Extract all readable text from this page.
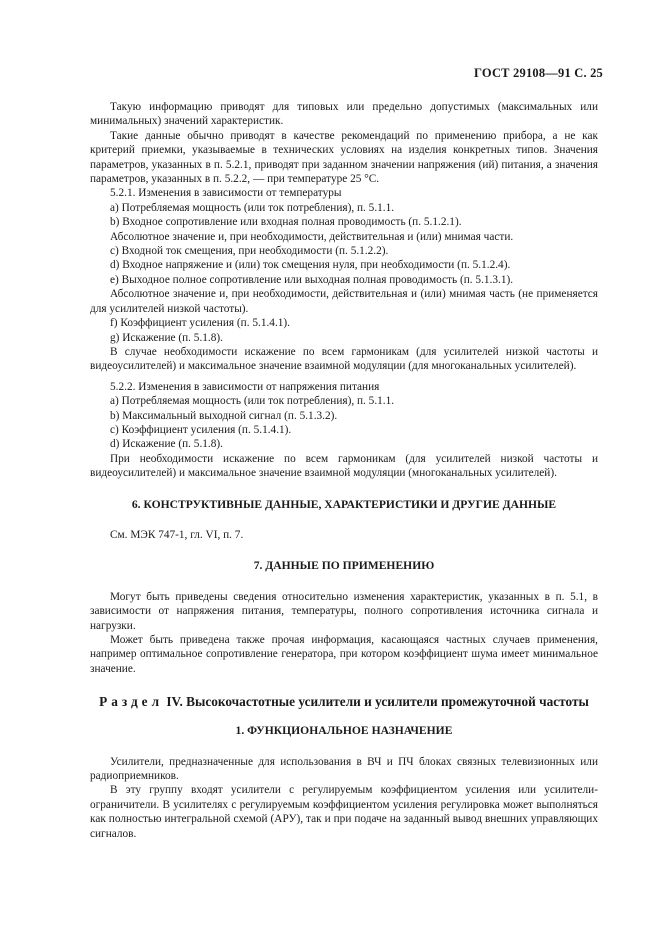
ГОСТ 29108—91 С. 25

Такую информацию приводят для типовых или предельно допустимых (максимальных или минимальных) значений характеристик.

Такие данные обычно приводят в качестве рекомендаций по применению прибора, а не как критерий приемки, указываемые в технических условиях на изделия конкретных типов. Значения параметров, указанных в п. 5.2.1, приводят при заданном значении напряжения (ий) питания, а значения параметров, указанных в п. 5.2.2, — при температуре 25 °С.

5.2.1. Изменения в зависимости от температуры

а) Потребляемая мощность (или ток потребления), п. 5.1.1.

b) Входное сопротивление или входная полная проводимость (п. 5.1.2.1).

Абсолютное значение и, при необходимости, действительная и (или) мнимая части.

с) Входной ток смещения, при необходимости (п. 5.1.2.2).

d) Входное напряжение и (или) ток смещения нуля, при необходимости (п. 5.1.2.4).

е) Выходное полное сопротивление или выходная полная проводимость (п. 5.1.3.1).

Абсолютное значение и, при необходимости, действительная и (или) мнимая часть (не применяется для усилителей низкой частоты).

f) Коэффициент усиления (п. 5.1.4.1).

g) Искажение (п. 5.1.8).

В случае необходимости искажение по всем гармоникам (для усилителей низкой частоты и видеоусилителей) и максимальное значение взаимной модуляции (для многоканальных усилителей).

5.2.2. Изменения в зависимости от напряжения питания

а) Потребляемая мощность (или ток потребления), п. 5.1.1.

b) Максимальный выходной сигнал (п. 5.1.3.2).

с) Коэффициент усиления (п. 5.1.4.1).

d) Искажение (п. 5.1.8).

При необходимости искажение по всем гармоникам (для усилителей низкой частоты и видеоусилителей) и максимальное значение взаимной модуляции (многоканальных усилителей).

6. КОНСТРУКТИВНЫЕ ДАННЫЕ, ХАРАКТЕРИСТИКИ И ДРУГИЕ ДАННЫЕ

См. МЭК 747-1, гл. VI, п. 7.

7. ДАННЫЕ ПО ПРИМЕНЕНИЮ

Могут быть приведены сведения относительно изменения характеристик, указанных в п. 5.1, в зависимости от напряжения питания, температуры, полного сопротивления источника сигнала и нагрузки.

Может быть приведена также прочая информация, касающаяся частных случаев применения, например оптимальное сопротивление генератора, при котором коэффициент шума имеет минимальное значение.

Раздел IV. Высокочастотные усилители и усилители промежуточной частоты
1. ФУНКЦИОНАЛЬНОЕ НАЗНАЧЕНИЕ

Усилители, предназначенные для использования в ВЧ и ПЧ блоках связных телевизионных или радиоприемников.

В эту группу входят усилители с регулируемым коэффициентом усиления или усилители-ограничители. В усилителях с регулируемым коэффициентом усиления регулировка может выполняться как полностью интегральной схемой (АРУ), так и при подаче на заданный вывод внешних управляющих сигналов.
